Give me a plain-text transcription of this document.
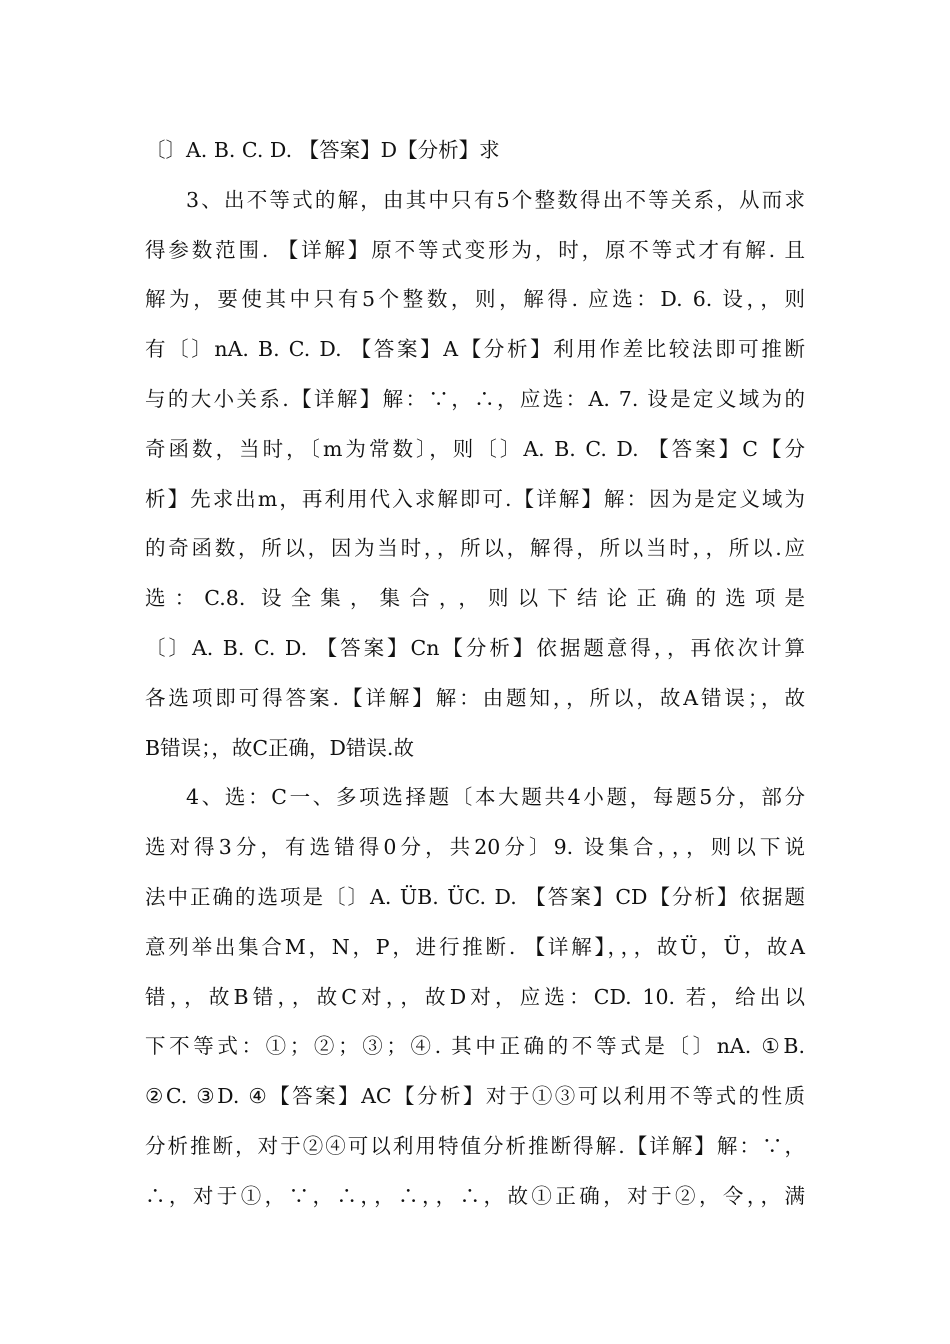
〔〕A. B. C. D. 【答案】D【分析】求
3、出不等式的解，由其中只有5个整数得出不等关系，从而求
得参数范围. 【详解】原不等式变形为，时，原不等式才有解. 且
解为，要使其中只有5个整数，则，解得. 应选：D. 6. 设，，则
有〔〕nA. B. C. D. 【答案】A【分析】利用作差比较法即可推断
与的大小关系.【详解】解：∵，∴，应选：A. 7. 设是定义域为的
奇函数，当时，〔m为常数〕，则〔〕A. B. C. D. 【答案】C【分
析】先求出m，再利用代入求解即可.【详解】解：因为是定义域为
的奇函数，所以，因为当时，，所以，解得，所以当时，，所以.应
选：C.8. 设全集，集合，，则以下结论正确的选项是
〔〕A. B. C. D. 【答案】Cn【分析】依据题意得，，再依次计算
各选项即可得答案.【详解】解：由题知，，所以，故A错误；，故
B错误；，故C正确，D错误.故
4、选：C一、多项选择题〔本大题共4小题，每题5分，部分
选对得3分，有选错得0分，共20分〕9. 设集合，，，则以下说
法中正确的选项是〔〕A. ÜB. ÜC. D. 【答案】CD【分析】依据题
意列举出集合M，N，P，进行推断. 【详解】，，，故Ü，Ü，故A
错，，故B错，，故C对，，故D对，应选：CD. 10. 若，给出以
下不等式：①；②；③；④. 其中正确的不等式是〔〕nA. ①B.
②C. ③D. ④【答案】AC【分析】对于①③可以利用不等式的性质
分析推断，对于②④可以利用特值分析推断得解.【详解】解：∵，
∴，对于①，∵，∴，，∴，，∴，故①正确，对于②，令，，满
